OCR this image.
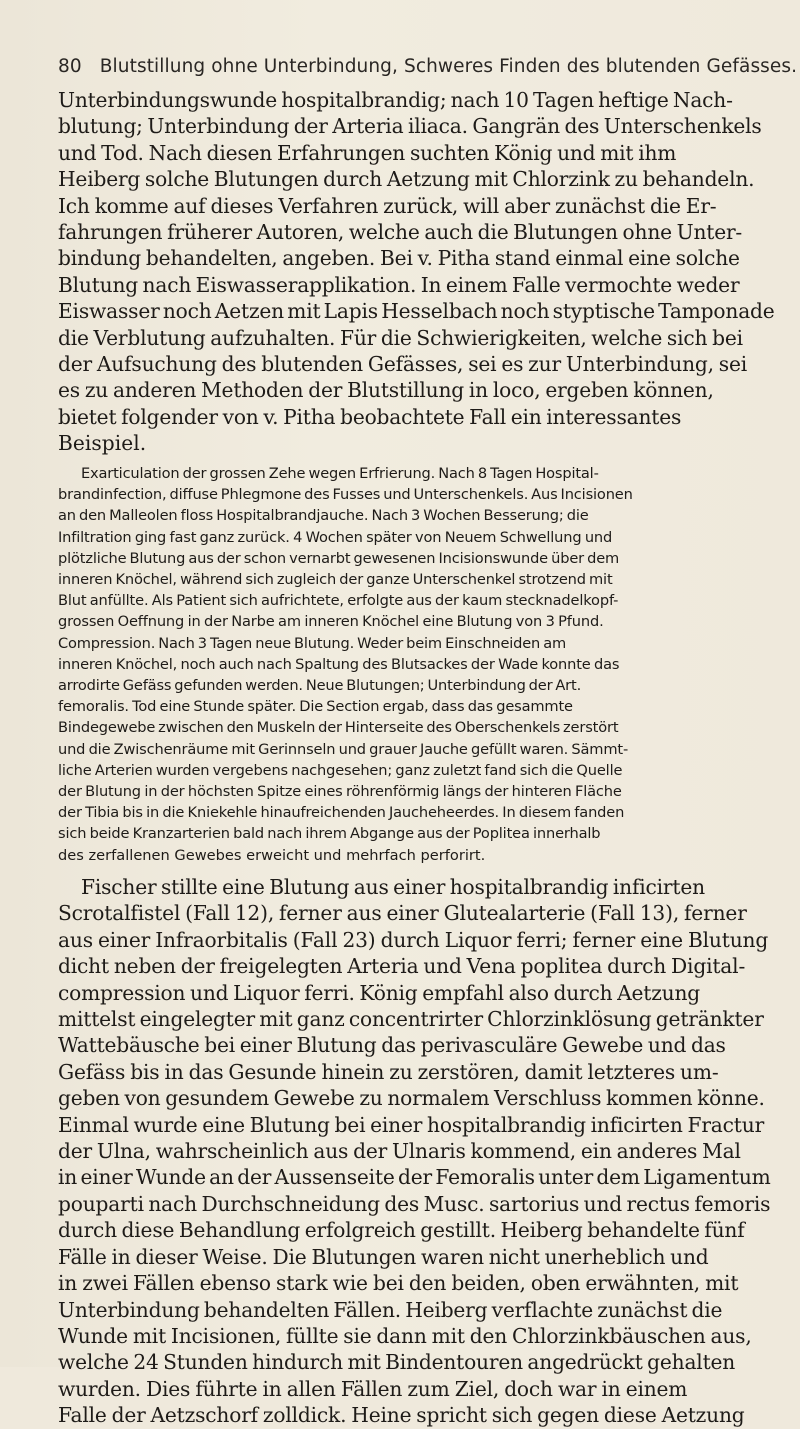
80 Blutstillung ohne Unterbindung, Schweres Finden des blutenden Gefässes.
Unterbindungswunde hospitalbrandig; nach 10 Tagen heftige Nach-
blutung; Unterbindung der Arteria iliaca. Gangrän des Unterschenkels
und Tod. Nach diesen Erfahrungen suchten König und mit ihm
Heiberg solche Blutungen durch Aetzung mit Chlorzink zu behandeln.
Ich komme auf dieses Verfahren zurück, will aber zunächst die Er-
fahrungen früherer Autoren, welche auch die Blutungen ohne Unter-
bindung behandelten, angeben. Bei v. Pitha stand einmal eine solche
Blutung nach Eiswasserapplikation. In einem Falle vermochte weder
Eiswasser noch Aetzen mit Lapis Hesselbach noch styptische Tamponade
die Verblutung aufzuhalten. Für die Schwierigkeiten, welche sich bei
der Aufsuchung des blutenden Gefässes, sei es zur Unterbindung, sei
es zu anderen Methoden der Blutstillung in loco, ergeben können,
bietet folgender von v. Pitha beobachtete Fall ein interessantes
Beispiel.
Exarticulation der grossen Zehe wegen Erfrierung. Nach 8 Tagen Hospital-
brandinfection, diffuse Phlegmone des Fusses und Unterschenkels. Aus Incisionen
an den Malleolen floss Hospitalbrandjauche. Nach 3 Wochen Besserung; die
Infiltration ging fast ganz zurück. 4 Wochen später von Neuem Schwellung und
plötzliche Blutung aus der schon vernarbt gewesenen Incisionswunde über dem
inneren Knöchel, während sich zugleich der ganze Unterschenkel strotzend mit
Blut anfüllte. Als Patient sich aufrichtete, erfolgte aus der kaum stecknadelkopf-
grossen Oeffnung in der Narbe am inneren Knöchel eine Blutung von 3 Pfund.
Compression. Nach 3 Tagen neue Blutung. Weder beim Einschneiden am
inneren Knöchel, noch auch nach Spaltung des Blutsackes der Wade konnte das
arrodirte Gefäss gefunden werden. Neue Blutungen; Unterbindung der Art.
femoralis. Tod eine Stunde später. Die Section ergab, dass das gesammte
Bindegewebe zwischen den Muskeln der Hinterseite des Oberschenkels zerstört
und die Zwischenräume mit Gerinnseln und grauer Jauche gefüllt waren. Sämmt-
liche Arterien wurden vergebens nachgesehen; ganz zuletzt fand sich die Quelle
der Blutung in der höchsten Spitze eines röhrenförmig längs der hinteren Fläche
der Tibia bis in die Kniekehle hinaufreichenden Jaucheheerdes. In diesem fanden
sich beide Kranzarterien bald nach ihrem Abgange aus der Poplitea innerhalb
des zerfallenen Gewebes erweicht und mehrfach perforirt.
Fischer stillte eine Blutung aus einer hospitalbrandig inficirten
Scrotalfistel (Fall 12), ferner aus einer Glutealarterie (Fall 13), ferner
aus einer Infraorbitalis (Fall 23) durch Liquor ferri; ferner eine Blutung
dicht neben der freigelegten Arteria und Vena poplitea durch Digital-
compression und Liquor ferri. König empfahl also durch Aetzung
mittelst eingelegter mit ganz concentrirter Chlorzinklösung getränkter
Wattebäusche bei einer Blutung das perivasculäre Gewebe und das
Gefäss bis in das Gesunde hinein zu zerstören, damit letzteres um-
geben von gesundem Gewebe zu normalem Verschluss kommen könne.
Einmal wurde eine Blutung bei einer hospitalbrandig inficirten Fractur
der Ulna, wahrscheinlich aus der Ulnaris kommend, ein anderes Mal
in einer Wunde an der Aussenseite der Femoralis unter dem Ligamentum
pouparti nach Durchschneidung des Musc. sartorius und rectus femoris
durch diese Behandlung erfolgreich gestillt. Heiberg behandelte fünf
Fälle in dieser Weise. Die Blutungen waren nicht unerheblich und
in zwei Fällen ebenso stark wie bei den beiden, oben erwähnten, mit
Unterbindung behandelten Fällen. Heiberg verflachte zunächst die
Wunde mit Incisionen, füllte sie dann mit den Chlorzinkbäuschen aus,
welche 24 Stunden hindurch mit Bindentouren angedrückt gehalten
wurden. Dies führte in allen Fällen zum Ziel, doch war in einem
Falle der Aetzschorf zolldick. Heine spricht sich gegen diese Aetzung
